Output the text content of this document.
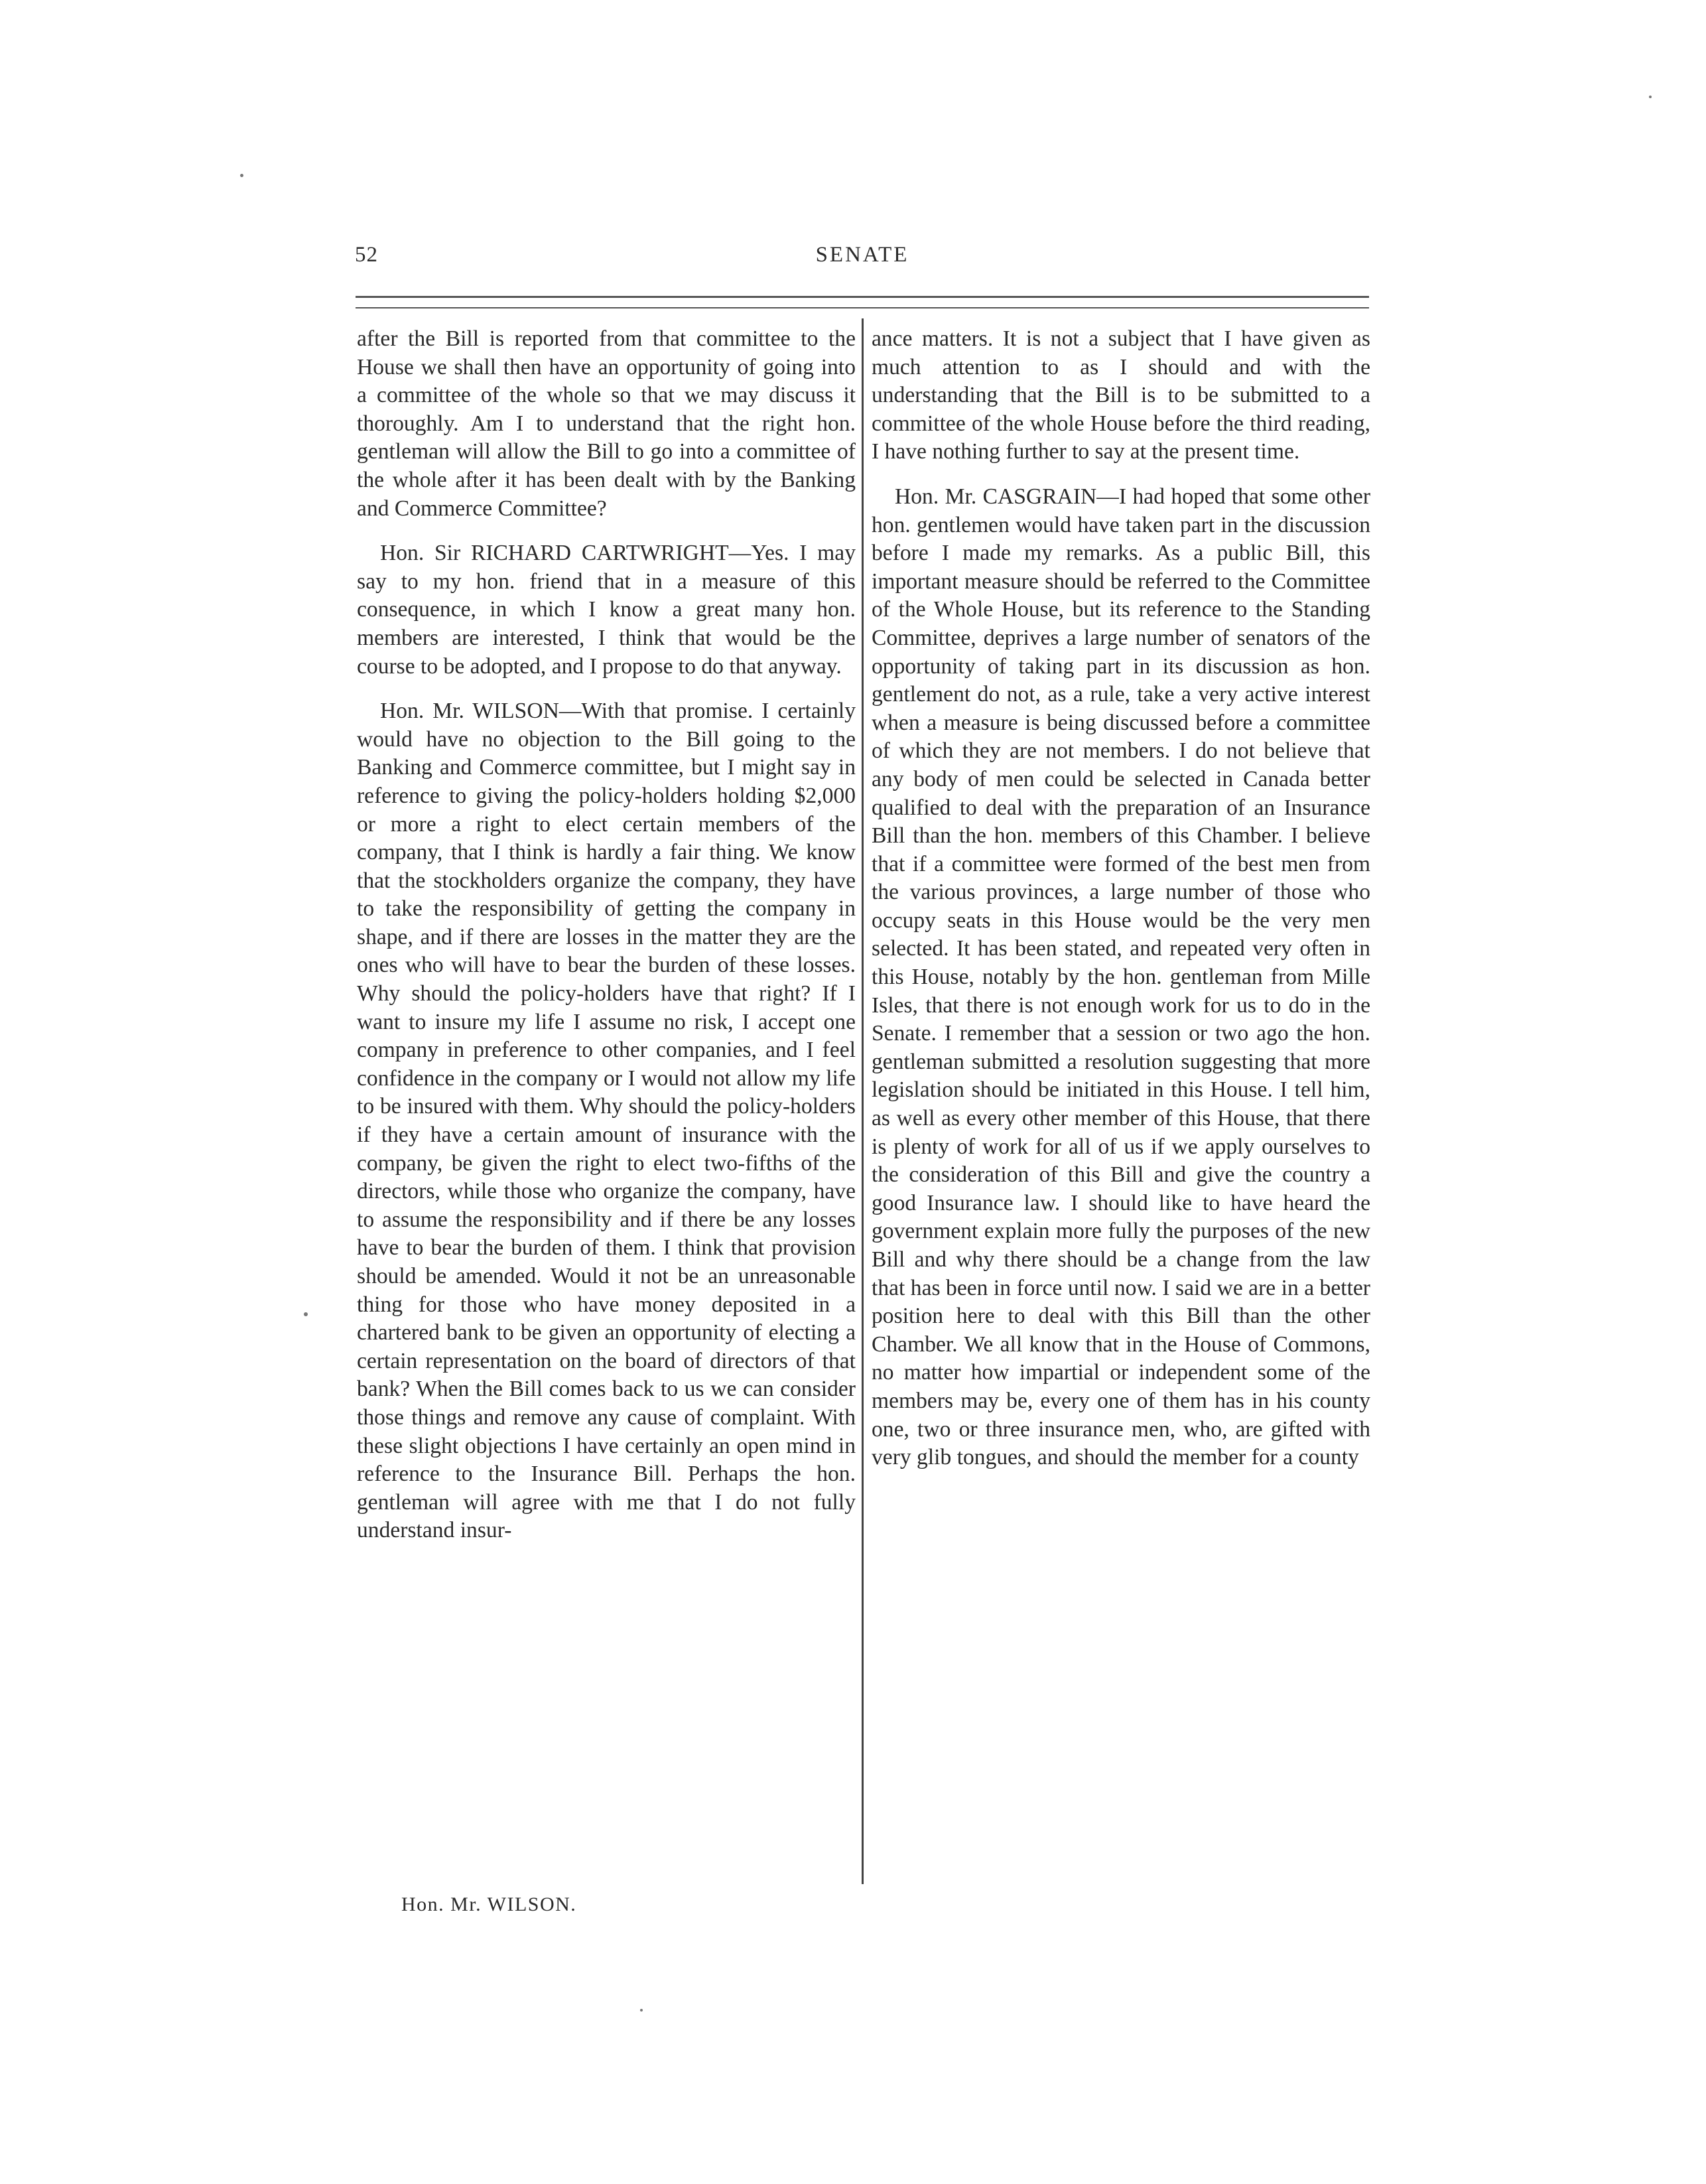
52	SENATE

after the Bill is reported from that committee to the House we shall then have an opportunity of going into a committee of the whole so that we may discuss it thoroughly. Am I to understand that the right hon. gentleman will allow the Bill to go into a committee of the whole after it has been dealt with by the Banking and Commerce Committee?

Hon. Sir RICHARD CARTWRIGHT—Yes. I may say to my hon. friend that in a measure of this consequence, in which I know a great many hon. members are interested, I think that would be the course to be adopted, and I propose to do that anyway.

Hon. Mr. WILSON—With that promise. I certainly would have no objection to the Bill going to the Banking and Commerce committee, but I might say in reference to giving the policy-holders holding $2,000 or more a right to elect certain members of the company, that I think is hardly a fair thing. We know that the stockholders organize the company, they have to take the responsibility of getting the company in shape, and if there are losses in the matter they are the ones who will have to bear the burden of these losses. Why should the policy-holders have that right? If I want to insure my life I assume no risk, I accept one company in preference to other companies, and I feel confidence in the company or I would not allow my life to be insured with them. Why should the policy-holders if they have a certain amount of insurance with the company, be given the right to elect two-fifths of the directors, while those who organize the company, have to assume the responsibility and if there be any losses have to bear the burden of them. I think that provision should be amended. Would it not be an unreasonable thing for those who have money deposited in a chartered bank to be given an opportunity of electing a certain representation on the board of directors of that bank? When the Bill comes back to us we can consider those things and remove any cause of complaint. With these slight objections I have certainly an open mind in reference to the Insurance Bill. Perhaps the hon. gentleman will agree with me that I do not fully understand insur-

ance matters. It is not a subject that I have given as much attention to as I should and with the understanding that the Bill is to be submitted to a committee of the whole House before the third reading, I have nothing further to say at the present time.

Hon. Mr. CASGRAIN—I had hoped that some other hon. gentlemen would have taken part in the discussion before I made my remarks. As a public Bill, this important measure should be referred to the Committee of the Whole House, but its reference to the Standing Committee, deprives a large number of senators of the opportunity of taking part in its discussion as hon. gentlement do not, as a rule, take a very active interest when a measure is being discussed before a committee of which they are not members. I do not believe that any body of men could be selected in Canada better qualified to deal with the preparation of an Insurance Bill than the hon. members of this Chamber. I believe that if a committee were formed of the best men from the various provinces, a large number of those who occupy seats in this House would be the very men selected. It has been stated, and repeated very often in this House, notably by the hon. gentleman from Mille Isles, that there is not enough work for us to do in the Senate. I remember that a session or two ago the hon. gentleman submitted a resolution suggesting that more legislation should be initiated in this House. I tell him, as well as every other member of this House, that there is plenty of work for all of us if we apply ourselves to the consideration of this Bill and give the country a good Insurance law. I should like to have heard the government explain more fully the purposes of the new Bill and why there should be a change from the law that has been in force until now. I said we are in a better position here to deal with this Bill than the other Chamber. We all know that in the House of Commons, no matter how impartial or independent some of the members may be, every one of them has in his county one, two or three insurance men, who, are gifted with very glib tongues, and should the member for a county

Hon. Mr. WILSON.
